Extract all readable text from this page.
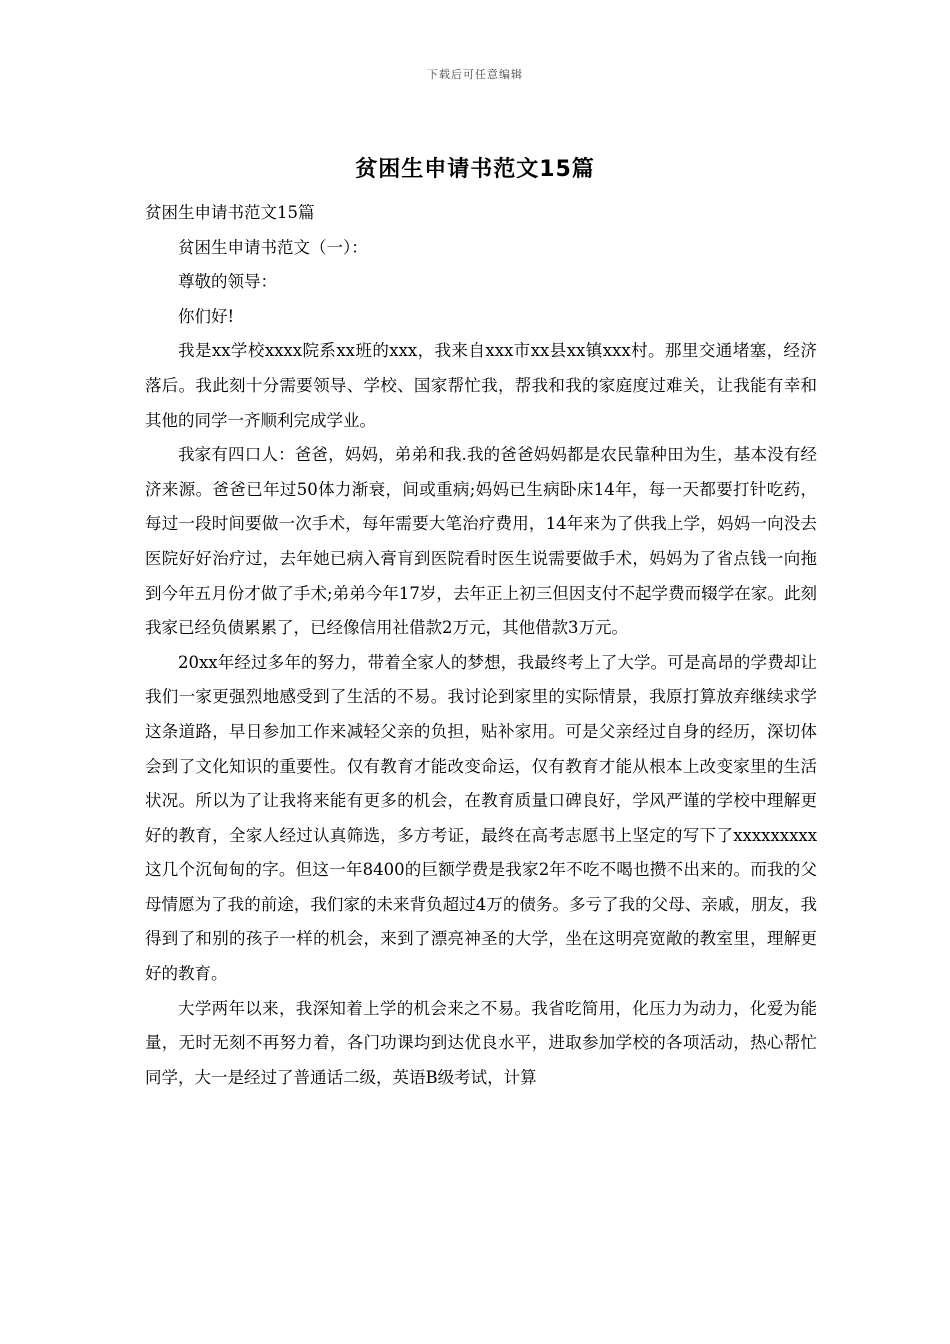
下载后可任意编辑
贫困生申请书范文15篇

贫困生申请书范文15篇

贫困生申请书范文（一）：

尊敬的领导：

你们好!

我是xx学校xxxx院系xx班的xxx，我来自xxx市xx县xx镇xxx村。那里交通堵塞，经济落后。我此刻十分需要领导、学校、国家帮忙我，帮我和我的家庭度过难关，让我能有幸和其他的同学一齐顺利完成学业。

我家有四口人：爸爸，妈妈，弟弟和我.我的爸爸妈妈都是农民靠种田为生，基本没有经济来源。爸爸已年过50体力渐衰，间或重病;妈妈已生病卧床14年，每一天都要打针吃药，每过一段时间要做一次手术，每年需要大笔治疗费用，14年来为了供我上学，妈妈一向没去医院好好治疗过，去年她已病入膏肓到医院看时医生说需要做手术，妈妈为了省点钱一向拖到今年五月份才做了手术;弟弟今年17岁，去年正上初三但因支付不起学费而辍学在家。此刻我家已经负债累累了，已经像信用社借款2万元，其他借款3万元。

20xx年经过多年的努力，带着全家人的梦想，我最终考上了大学。可是高昂的学费却让我们一家更强烈地感受到了生活的不易。我讨论到家里的实际情景，我原打算放弃继续求学这条道路，早日参加工作来减轻父亲的负担，贴补家用。可是父亲经过自身的经历，深切体会到了文化知识的重要性。仅有教育才能改变命运，仅有教育才能从根本上改变家里的生活状况。所以为了让我将来能有更多的机会，在教育质量口碑良好，学风严谨的学校中理解更好的教育，全家人经过认真筛选，多方考证，最终在高考志愿书上坚定的写下了xxxxxxxxx这几个沉甸甸的字。但这一年8400的巨额学费是我家2年不吃不喝也攒不出来的。而我的父母情愿为了我的前途，我们家的未来背负超过4万的债务。多亏了我的父母、亲戚，朋友，我得到了和别的孩子一样的机会，来到了漂亮神圣的大学，坐在这明亮宽敞的教室里，理解更好的教育。

大学两年以来，我深知着上学的机会来之不易。我省吃简用，化压力为动力，化爱为能量，无时无刻不再努力着，各门功课均到达优良水平，进取参加学校的各项活动，热心帮忙同学，大一是经过了普通话二级，英语B级考试，计算
